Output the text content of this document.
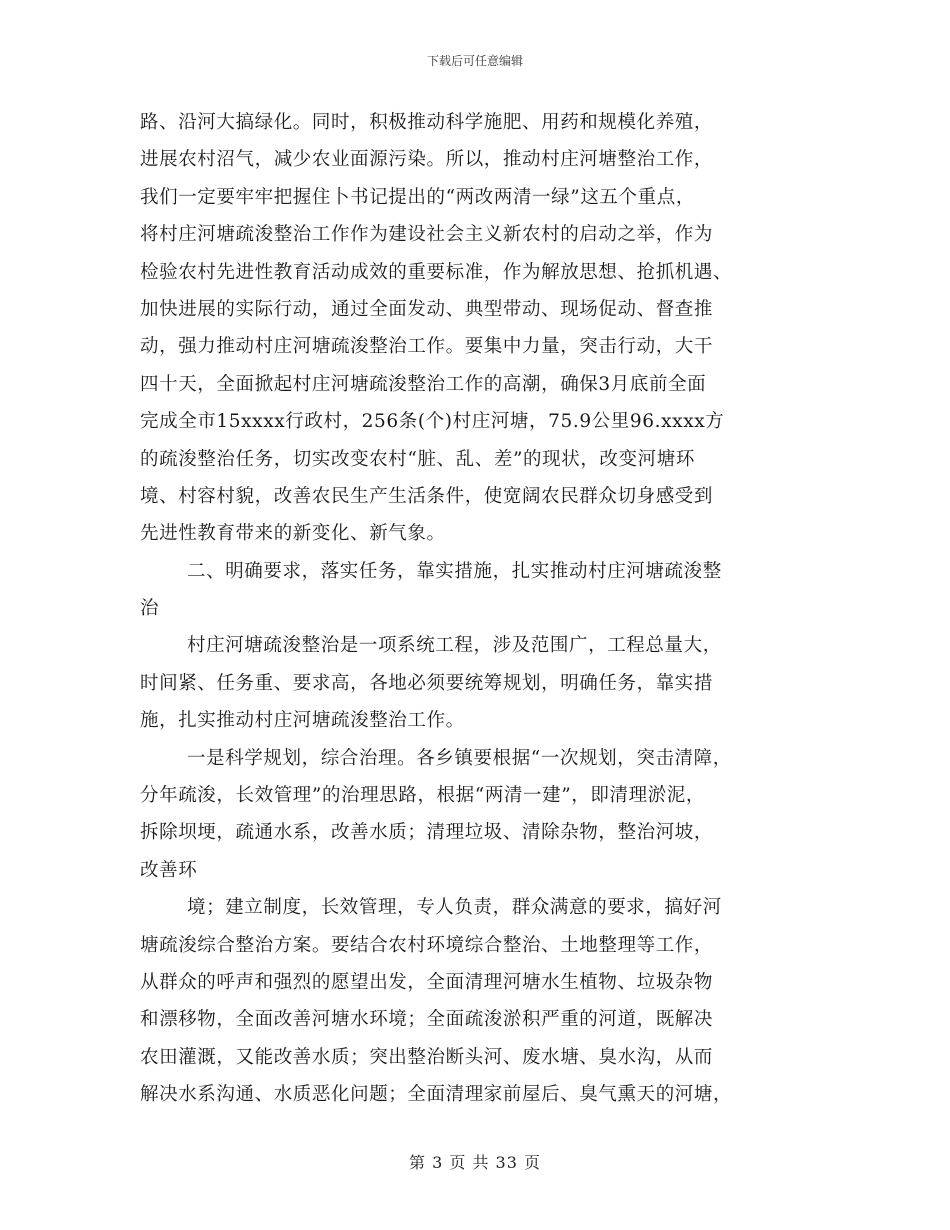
下载后可任意编辑
路、沿河大搞绿化。同时，积极推动科学施肥、用药和规模化养殖，
进展农村沼气，减少农业面源污染。所以，推动村庄河塘整治工作，
我们一定要牢牢把握住卜书记提出的“两改两清一绿”这五个重点，
将村庄河塘疏浚整治工作作为建设社会主义新农村的启动之举，作为
检验农村先进性教育活动成效的重要标准，作为解放思想、抢抓机遇、
加快进展的实际行动，通过全面发动、典型带动、现场促动、督查推
动，强力推动村庄河塘疏浚整治工作。要集中力量，突击行动，大干
四十天，全面掀起村庄河塘疏浚整治工作的高潮，确保3月底前全面
完成全市15xxxx行政村，256条(个)村庄河塘，75.9公里96.xxxx方
的疏浚整治任务，切实改变农村“脏、乱、差”的现状，改变河塘环
境、村容村貌，改善农民生产生活条件，使宽阔农民群众切身感受到
先进性教育带来的新变化、新气象。
二、明确要求，落实任务，靠实措施，扎实推动村庄河塘疏浚整
治
村庄河塘疏浚整治是一项系统工程，涉及范围广，工程总量大，
时间紧、任务重、要求高，各地必须要统筹规划，明确任务，靠实措
施，扎实推动村庄河塘疏浚整治工作。
一是科学规划，综合治理。各乡镇要根据“一次规划，突击清障，
分年疏浚，长效管理”的治理思路，根据“两清一建”，即清理淤泥，
拆除坝埂，疏通水系，改善水质；清理垃圾、清除杂物，整治河坡，
改善环
境；建立制度，长效管理，专人负责，群众满意的要求，搞好河
塘疏浚综合整治方案。要结合农村环境综合整治、土地整理等工作，
从群众的呼声和强烈的愿望出发，全面清理河塘水生植物、垃圾杂物
和漂移物，全面改善河塘水环境；全面疏浚淤积严重的河道，既解决
农田灌溉，又能改善水质；突出整治断头河、废水塘、臭水沟，从而
解决水系沟通、水质恶化问题；全面清理家前屋后、臭气熏天的河塘，
第 3 页 共 33 页
